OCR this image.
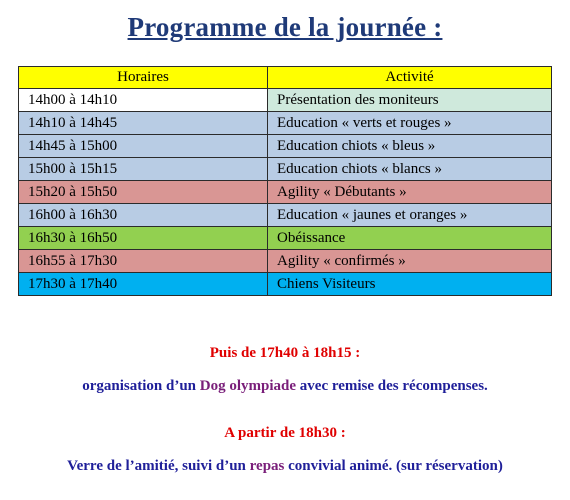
Programme de la journée :
Horaires	Activité
14h00 à 14h10	Présentation des moniteurs
14h10 à 14h45	Education « verts et rouges »
14h45 à 15h00	Education chiots « bleus »
15h00 à 15h15	Education chiots « blancs »
15h20 à 15h50	Agility « Débutants »
16h00 à 16h30	Education « jaunes et oranges »
16h30 à 16h50	Obéissance
16h55 à 17h30	Agility « confirmés »
17h30 à 17h40	Chiens Visiteurs
Puis de 17h40 à 18h15 :
organisation d’un Dog olympiade avec remise des récompenses.
A partir de 18h30 :
Verre de l’amitié, suivi d’un repas convivial animé. (sur réservation)
